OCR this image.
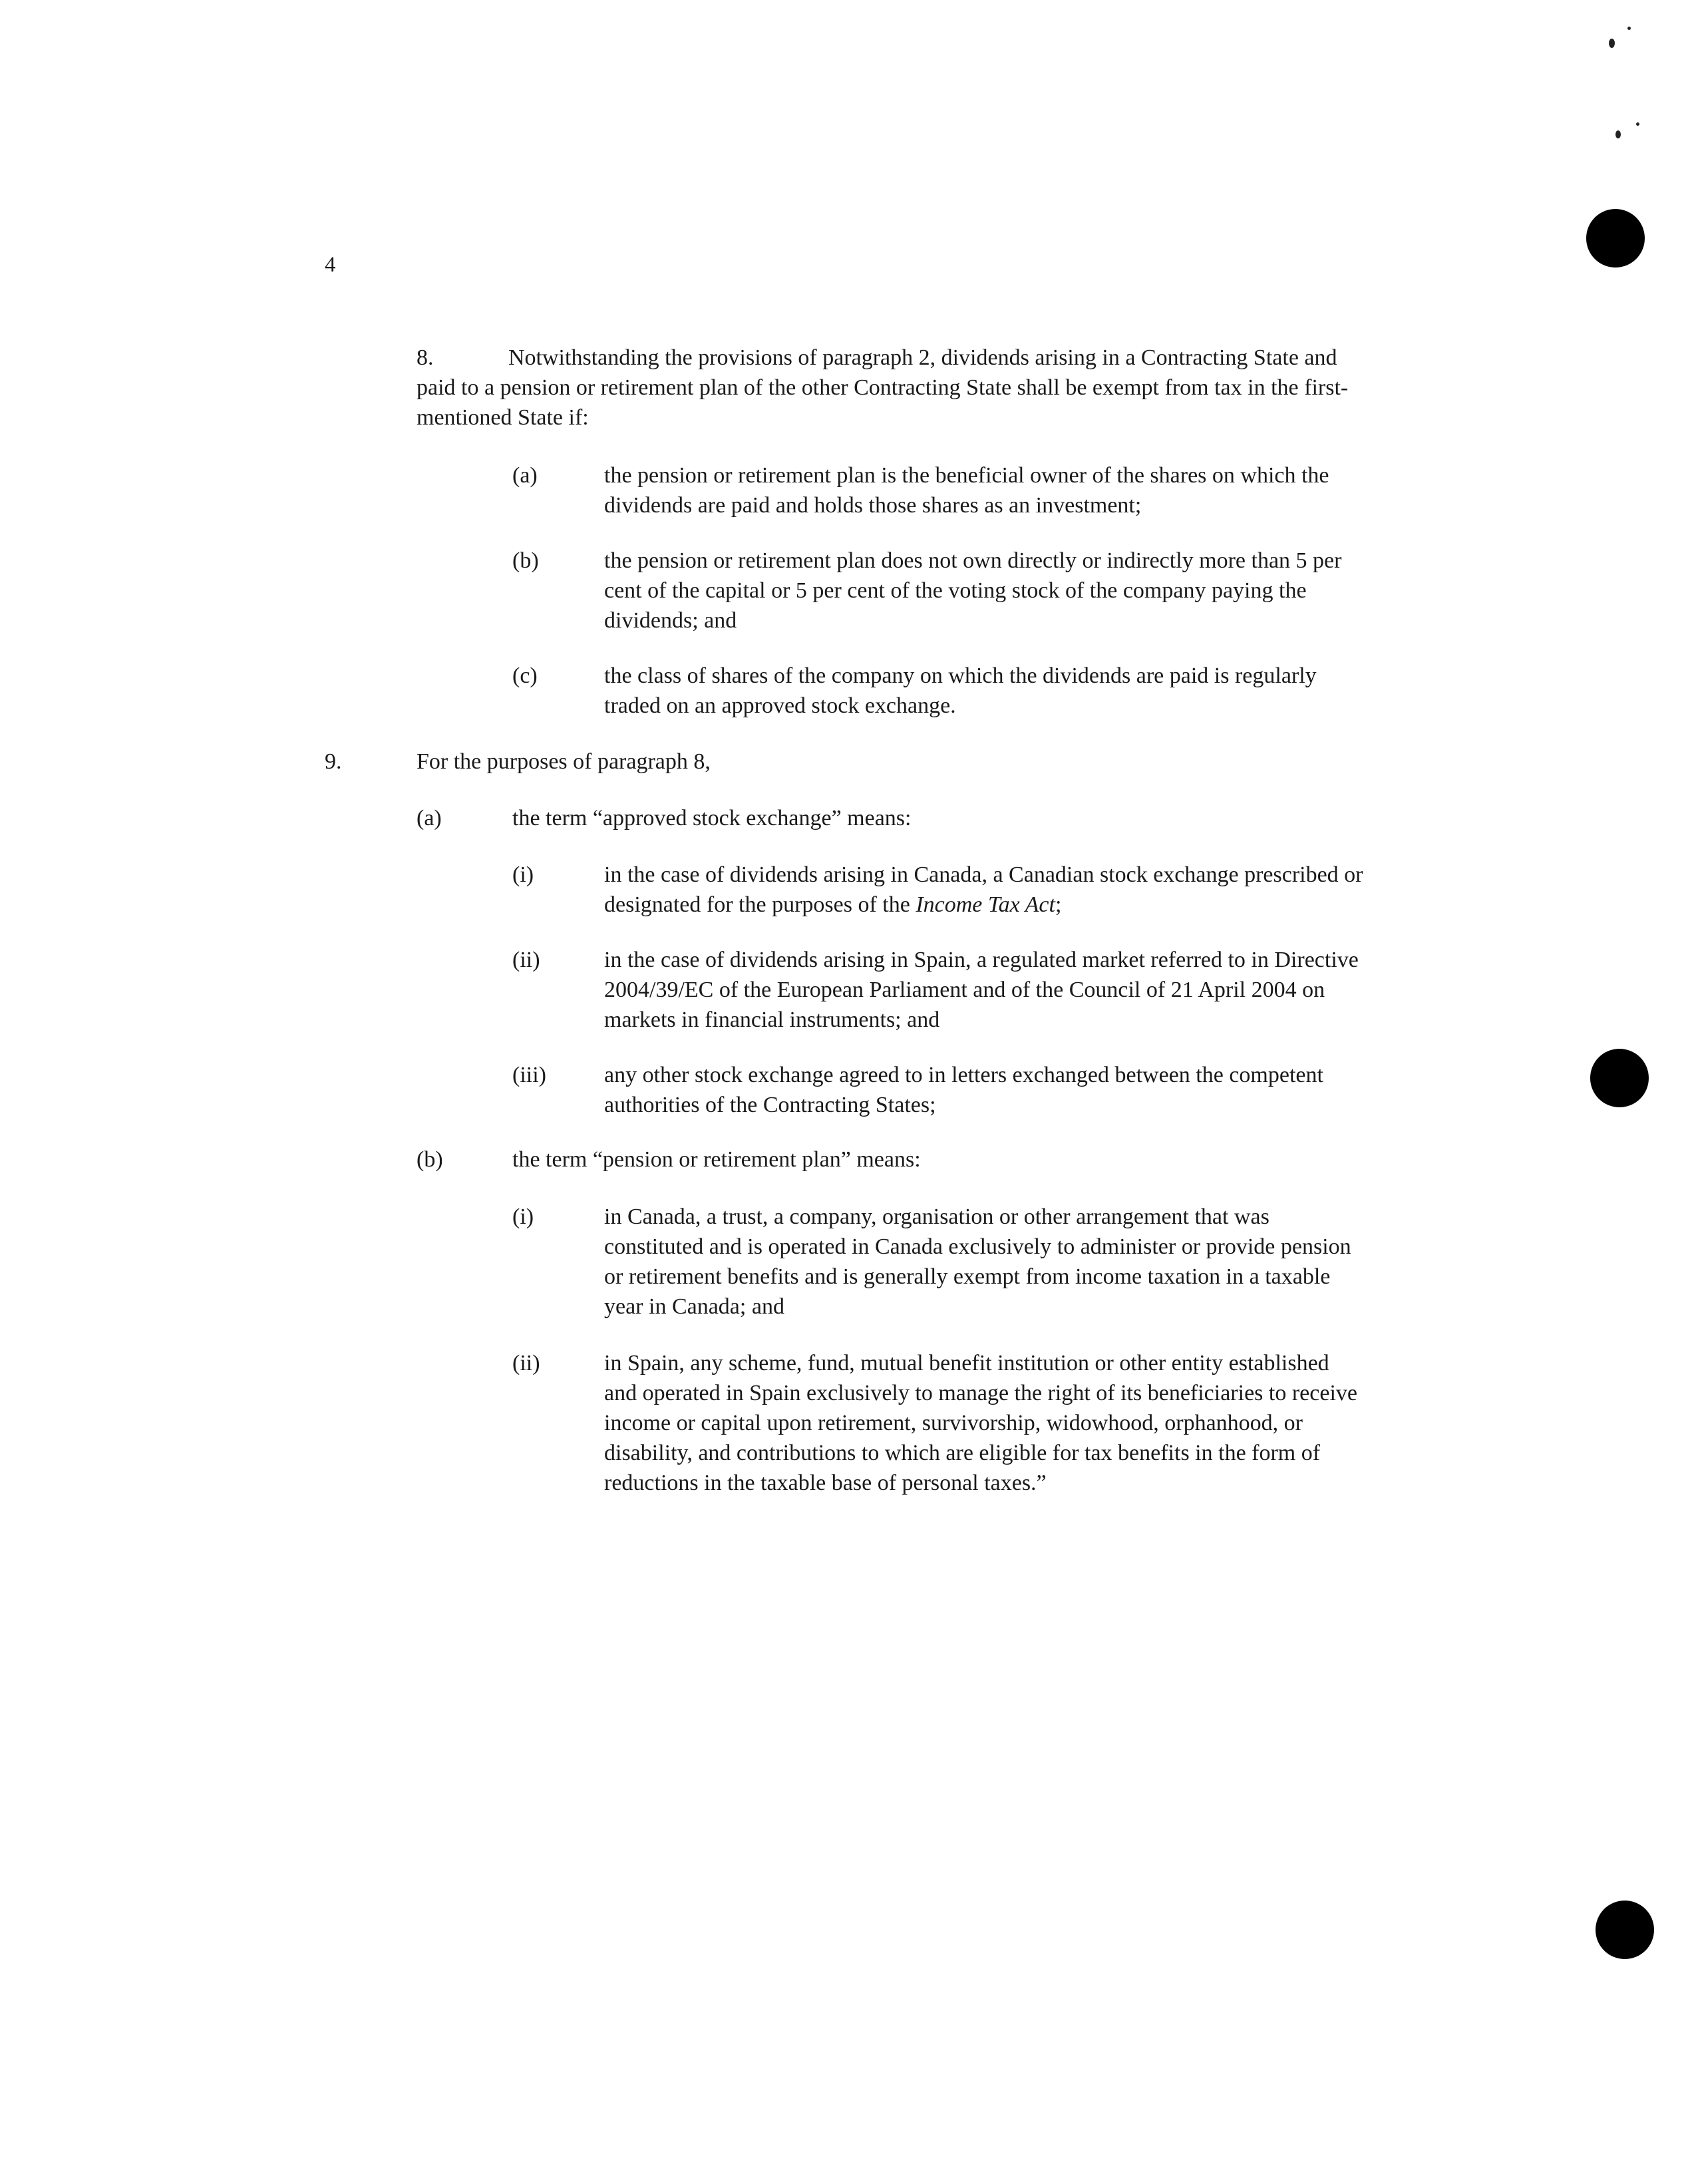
4

8.	Notwithstanding the provisions of paragraph 2, dividends arising in a Contracting State and paid to a pension or retirement plan of the other Contracting State shall be exempt from tax in the first-mentioned State if:

(a)	the pension or retirement plan is the beneficial owner of the shares on which the dividends are paid and holds those shares as an investment;
(b)	the pension or retirement plan does not own directly or indirectly more than 5 per cent of the capital or 5 per cent of the voting stock of the company paying the dividends; and
(c)	the class of shares of the company on which the dividends are paid is regularly traded on an approved stock exchange.
9.	For the purposes of paragraph 8,
(a)	the term “approved stock exchange” means:
(i)	in the case of dividends arising in Canada, a Canadian stock exchange prescribed or designated for the purposes of the Income Tax Act;
(ii)	in the case of dividends arising in Spain, a regulated market referred to in Directive 2004/39/EC of the European Parliament and of the Council of 21 April 2004 on markets in financial instruments; and
(iii)	any other stock exchange agreed to in letters exchanged between the competent authorities of the Contracting States;
(b)	the term “pension or retirement plan” means:
(i)	in Canada, a trust, a company, organisation or other arrangement that was constituted and is operated in Canada exclusively to administer or provide pension or retirement benefits and is generally exempt from income taxation in a taxable year in Canada; and
(ii)	in Spain, any scheme, fund, mutual benefit institution or other entity established and operated in Spain exclusively to manage the right of its beneficiaries to receive income or capital upon retirement, survivorship, widowhood, orphanhood, or disability, and contributions to which are eligible for tax benefits in the form of reductions in the taxable base of personal taxes.”
